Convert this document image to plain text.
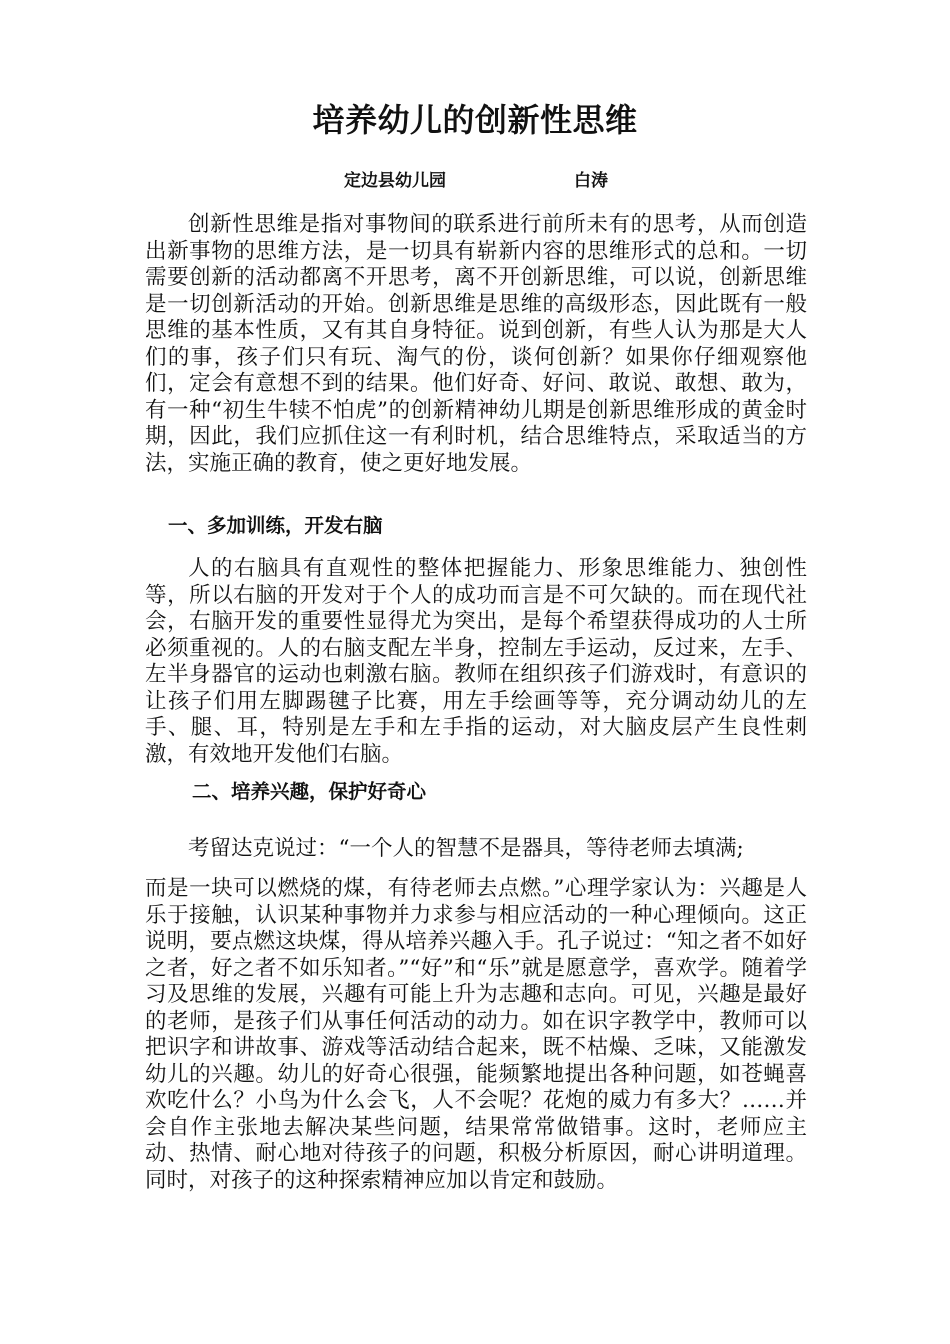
培养幼儿的创新性思维
定边县幼儿园	白涛

创新性思维是指对事物间的联系进行前所未有的思考，从而创造出新事物的思维方法，是一切具有崭新内容的思维形式的总和。一切需要创新的活动都离不开思考，离不开创新思维，可以说，创新思维是一切创新活动的开始。创新思维是思维的高级形态，因此既有一般思维的基本性质，又有其自身特征。说到创新，有些人认为那是大人们的事，孩子们只有玩、淘气的份，谈何创新？如果你仔细观察他们，定会有意想不到的结果。他们好奇、好问、敢说、敢想、敢为，有一种“初生牛犊不怕虎”的创新精神幼儿期是创新思维形成的黄金时期，因此，我们应抓住这一有利时机，结合思维特点，采取适当的方法，实施正确的教育，使之更好地发展。

一、多加训练，开发右脑

人的右脑具有直观性的整体把握能力、形象思维能力、独创性等，所以右脑的开发对于个人的成功而言是不可欠缺的。而在现代社会，右脑开发的重要性显得尤为突出，是每个希望获得成功的人士所必须重视的。人的右脑支配左半身，控制左手运动，反过来，左手、左半身器官的运动也刺激右脑。教师在组织孩子们游戏时，有意识的让孩子们用左脚踢毽子比赛，用左手绘画等等，充分调动幼儿的左手、腿、耳，特别是左手和左手指的运动，对大脑皮层产生良性刺激，有效地开发他们右脑。

二、培养兴趣，保护好奇心

考留达克说过：“一个人的智慧不是器具，等待老师去填满;

而是一块可以燃烧的煤，有待老师去点燃。”心理学家认为：兴趣是人乐于接触，认识某种事物并力求参与相应活动的一种心理倾向。这正说明，要点燃这块煤，得从培养兴趣入手。孔子说过：“知之者不如好之者，好之者不如乐知者。”“好”和“乐”就是愿意学，喜欢学。随着学习及思维的发展，兴趣有可能上升为志趣和志向。可见，兴趣是最好的老师，是孩子们从事任何活动的动力。如在识字教学中，教师可以把识字和讲故事、游戏等活动结合起来，既不枯燥、乏味，又能激发幼儿的兴趣。幼儿的好奇心很强，能频繁地提出各种问题，如苍蝇喜欢吃什么？小鸟为什么会飞，人不会呢？花炮的威力有多大？……并会自作主张地去解决某些问题，结果常常做错事。这时，老师应主动、热情、耐心地对待孩子的问题，积极分析原因，耐心讲明道理。同时，对孩子的这种探索精神应加以肯定和鼓励。
